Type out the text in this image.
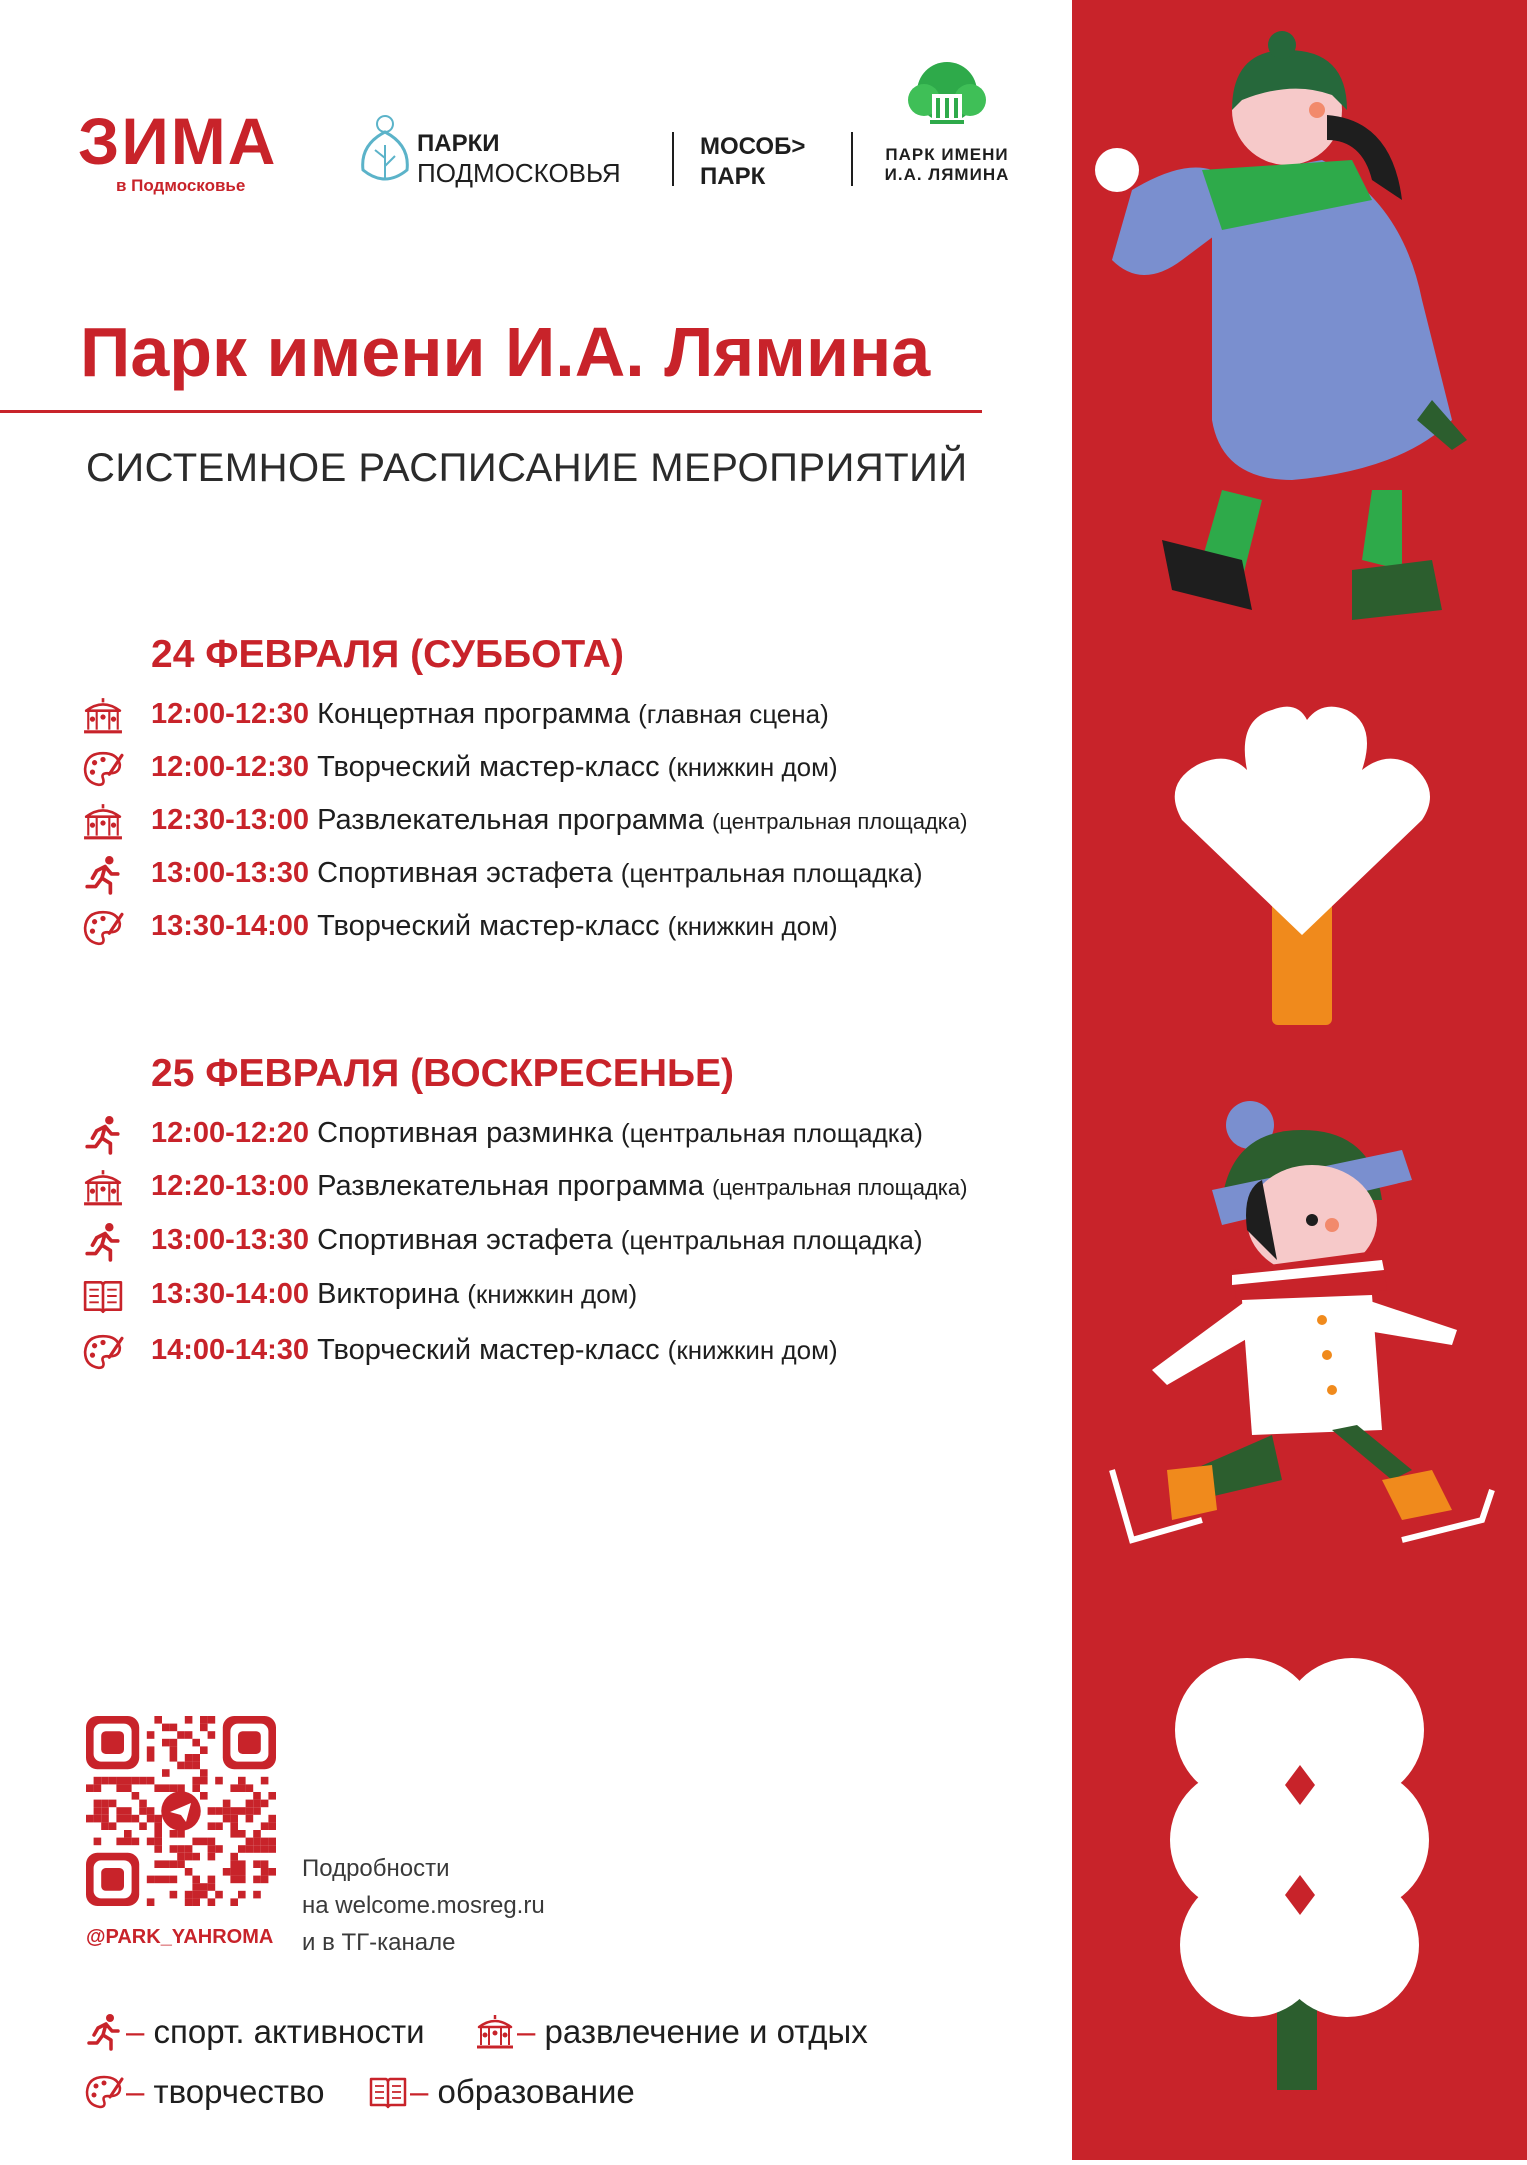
ЗИМА
в Подмосковье
ПАРКИ
ПОДМОСКОВЬЯ
МОСОБ>
ПАРК
ПАРК ИМЕНИ
И.А. ЛЯМИНА
Парк имени И.А. Лямина
СИСТЕМНОЕ РАСПИСАНИЕ МЕРОПРИЯТИЙ
24 ФЕВРАЛЯ (СУББОТА)
12:00-12:30 Концертная программа (главная сцена)
12:00-12:30 Творческий мастер-класс (книжкин дом)
12:30-13:00 Развлекательная программа (центральная площадка)
13:00-13:30 Спортивная эстафета (центральная площадка)
13:30-14:00 Творческий мастер-класс (книжкин дом)
25 ФЕВРАЛЯ (ВОСКРЕСЕНЬЕ)
12:00-12:20 Спортивная разминка (центральная площадка)
12:20-13:00 Развлекательная программа (центральная площадка)
13:00-13:30 Спортивная эстафета (центральная площадка)
13:30-14:00 Викторина (книжкин дом)
14:00-14:30 Творческий мастер-класс (книжкин дом)
@PARK_YAHROMA
Подробности
на welcome.mosreg.ru
и в ТГ-канале
– спорт. активности	– развлечение и отдых
– творчество	– образование
